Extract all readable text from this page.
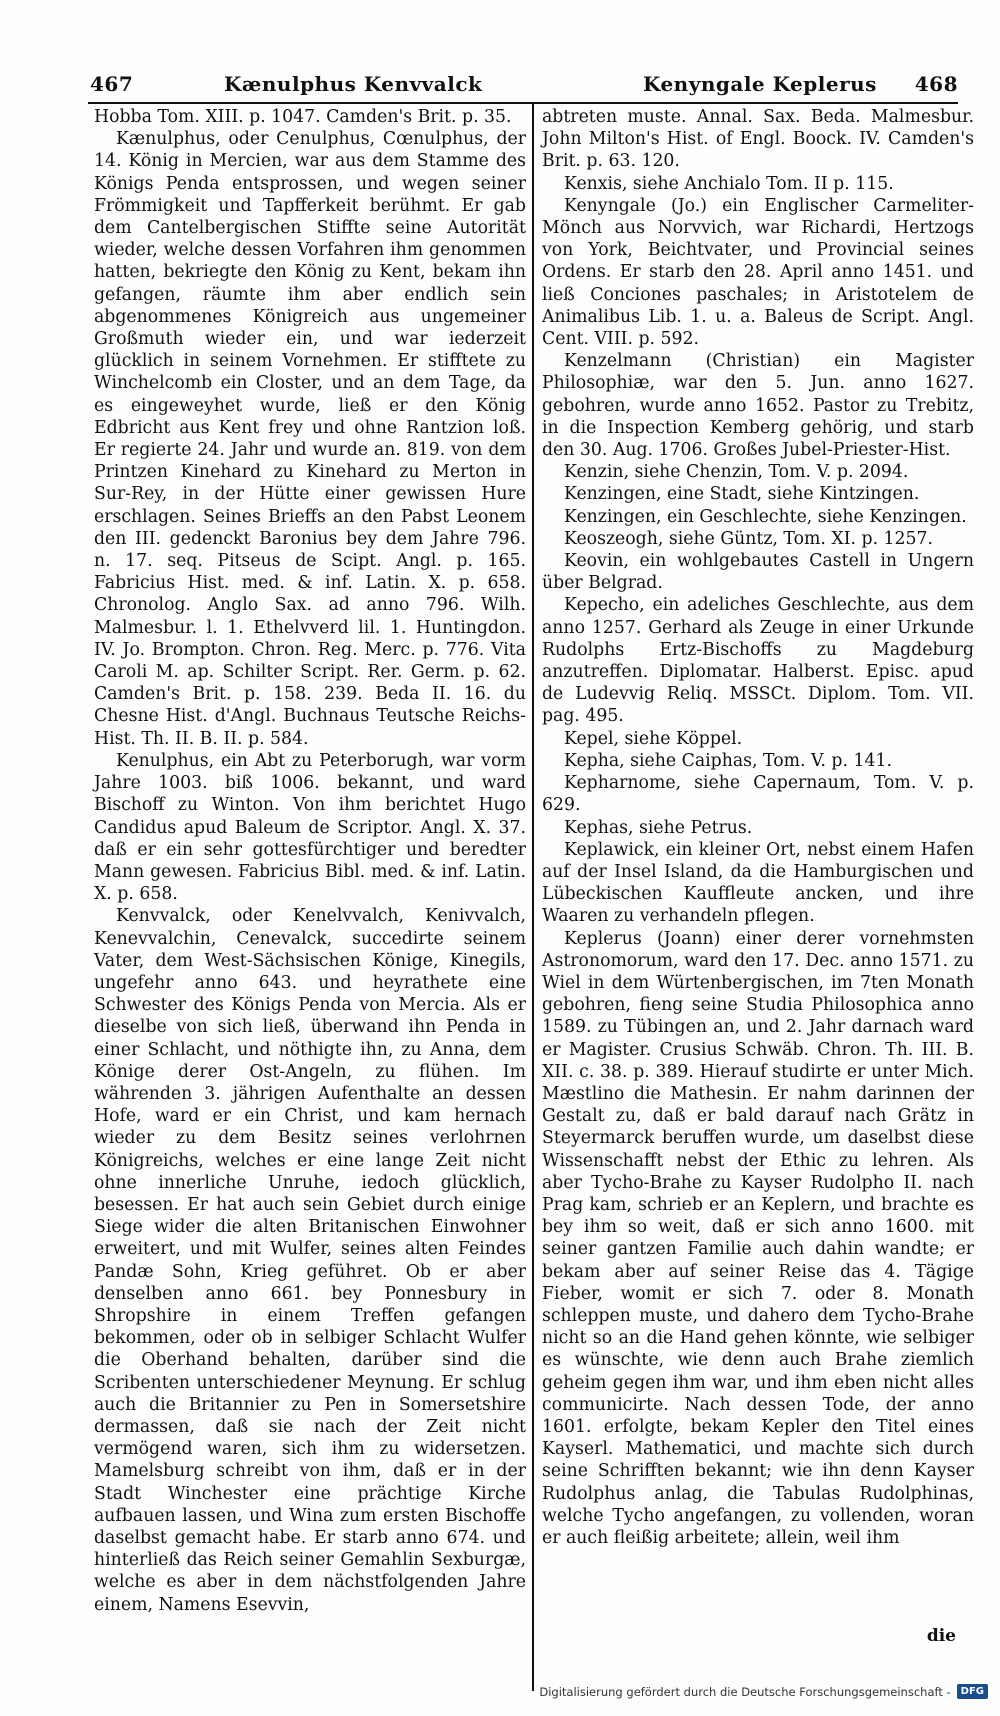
467	Kænulphus Kenvvalck	Kenyngale Keplerus 468

Hobba Tom. XIII. p. 1047. Camden's Brit. p. 35.

Kænulphus, oder Cenulphus, Cœnulphus, der 14. König in Mercien, war aus dem Stamme des Königs Penda entsprossen, und wegen seiner Frömmigkeit und Tapfferkeit berühmt. Er gab dem Cantelbergischen Stiffte seine Autorität wieder, welche dessen Vorfahren ihm genommen hatten, bekriegte den König zu Kent, bekam ihn gefangen, räumte ihm aber endlich sein abgenommenes Königreich aus ungemeiner Großmuth wieder ein, und war iederzeit glücklich in seinem Vornehmen. Er stifftete zu Winchelcomb ein Closter, und an dem Tage, da es eingeweyhet wurde, ließ er den König Edbricht aus Kent frey und ohne Rantzion loß. Er regierte 24. Jahr und wurde an. 819. von dem Printzen Kinehard zu Kinehard zu Merton in Sur-Rey, in der Hütte einer gewissen Hure erschlagen. Seines Brieffs an den Pabst Leonem den III. gedenckt Baronius bey dem Jahre 796. n. 17. seq. Pitseus de Scipt. Angl. p. 165. Fabricius Hist. med. & inf. Latin. X. p. 658. Chronolog. Anglo Sax. ad anno 796. Wilh. Malmesbur. l. 1. Ethelvverd lil. 1. Huntingdon. IV. Jo. Brompton. Chron. Reg. Merc. p. 776. Vita Caroli M. ap. Schilter Script. Rer. Germ. p. 62. Camden's Brit. p. 158. 239. Beda II. 16. du Chesne Hist. d'Angl. Buchnaus Teutsche Reichs-Hist. Th. II. B. II. p. 584.

Kenulphus, ein Abt zu Peterborugh, war vorm Jahre 1003. biß 1006. bekannt, und ward Bischoff zu Winton. Von ihm berichtet Hugo Candidus apud Baleum de Scriptor. Angl. X. 37. daß er ein sehr gottesfürchtiger und beredter Mann gewesen. Fabricius Bibl. med. & inf. Latin. X. p. 658.

Kenvvalck, oder Kenelvvalch, Kenivvalch, Kenevvalchin, Cenevalck, succedirte seinem Vater, dem West-Sächsischen Könige, Kinegils, ungefehr anno 643. und heyrathete eine Schwester des Königs Penda von Mercia. Als er dieselbe von sich ließ, überwand ihn Penda in einer Schlacht, und nöthigte ihn, zu Anna, dem Könige derer Ost-Angeln, zu flühen. Im währenden 3. jährigen Aufenthalte an dessen Hofe, ward er ein Christ, und kam hernach wieder zu dem Besitz seines verlohrnen Königreichs, welches er eine lange Zeit nicht ohne innerliche Unruhe, iedoch glücklich, besessen. Er hat auch sein Gebiet durch einige Siege wider die alten Britanischen Einwohner erweitert, und mit Wulfer, seines alten Feindes Pandæ Sohn, Krieg geführet. Ob er aber denselben anno 661. bey Ponnesbury in Shropshire in einem Treffen gefangen bekommen, oder ob in selbiger Schlacht Wulfer die Oberhand behalten, darüber sind die Scribenten unterschiedener Meynung. Er schlug auch die Britannier zu Pen in Somersetshire dermassen, daß sie nach der Zeit nicht vermögend waren, sich ihm zu widersetzen. Mamelsburg schreibt von ihm, daß er in der Stadt Winchester eine prächtige Kirche aufbauen lassen, und Wina zum ersten Bischoffe daselbst gemacht habe. Er starb anno 674. und hinterließ das Reich seiner Gemahlin Sexburgæ, welche es aber in dem nächstfolgenden Jahre einem, Namens Esevvin,

abtreten muste. Annal. Sax. Beda. Malmesbur. John Milton's Hist. of Engl. Boock. IV. Camden's Brit. p. 63. 120.

Kenxis, siehe Anchialo Tom. II p. 115.

Kenyngale (Jo.) ein Englischer Carmeliter-Mönch aus Norvvich, war Richardi, Hertzogs von York, Beichtvater, und Provincial seines Ordens. Er starb den 28. April anno 1451. und ließ Conciones paschales; in Aristotelem de Animalibus Lib. 1. u. a. Baleus de Script. Angl. Cent. VIII. p. 592.

Kenzelmann (Christian) ein Magister Philosophiæ, war den 5. Jun. anno 1627. gebohren, wurde anno 1652. Pastor zu Trebitz, in die Inspection Kemberg gehörig, und starb den 30. Aug. 1706. Großes Jubel-Priester-Hist.

Kenzin, siehe Chenzin, Tom. V. p. 2094.

Kenzingen, eine Stadt, siehe Kintzingen.

Kenzingen, ein Geschlechte, siehe Kenzingen.

Keoszeogh, siehe Güntz, Tom. XI. p. 1257.

Keovin, ein wohlgebautes Castell in Ungern über Belgrad.

Kepecho, ein adeliches Geschlechte, aus dem anno 1257. Gerhard als Zeuge in einer Urkunde Rudolphs Ertz-Bischoffs zu Magdeburg anzutreffen. Diplomatar. Halberst. Episc. apud de Ludevvig Reliq. MSSCt. Diplom. Tom. VII. pag. 495.

Kepel, siehe Köppel.

Kepha, siehe Caiphas, Tom. V. p. 141.

Kepharnome, siehe Capernaum, Tom. V. p. 629.

Kephas, siehe Petrus.

Keplawick, ein kleiner Ort, nebst einem Hafen auf der Insel Island, da die Hamburgischen und Lübeckischen Kauffleute ancken, und ihre Waaren zu verhandeln pflegen.

Keplerus (Joann) einer derer vornehmsten Astronomorum, ward den 17. Dec. anno 1571. zu Wiel in dem Würtenbergischen, im 7ten Monath gebohren, fieng seine Studia Philosophica anno 1589. zu Tübingen an, und 2. Jahr darnach ward er Magister. Crusius Schwäb. Chron. Th. III. B. XII. c. 38. p. 389. Hierauf studirte er unter Mich. Mæstlino die Mathesin. Er nahm darinnen der Gestalt zu, daß er bald darauf nach Grätz in Steyermarck beruffen wurde, um daselbst diese Wissenschafft nebst der Ethic zu lehren. Als aber Tycho-Brahe zu Kayser Rudolpho II. nach Prag kam, schrieb er an Keplern, und brachte es bey ihm so weit, daß er sich anno 1600. mit seiner gantzen Familie auch dahin wandte; er bekam aber auf seiner Reise das 4. Tägige Fieber, womit er sich 7. oder 8. Monath schleppen muste, und dahero dem Tycho-Brahe nicht so an die Hand gehen könnte, wie selbiger es wünschte, wie denn auch Brahe ziemlich geheim gegen ihm war, und ihm eben nicht alles communicirte. Nach dessen Tode, der anno 1601. erfolgte, bekam Kepler den Titel eines Kayserl. Mathematici, und machte sich durch seine Schrifften bekannt; wie ihn denn Kayser Rudolphus anlag, die Tabulas Rudolphinas, welche Tycho angefangen, zu vollenden, woran er auch fleißig arbeitete; allein, weil ihm

die
Digitalisierung gefördert durch die Deutsche Forschungsgemeinschaft -	DFG
